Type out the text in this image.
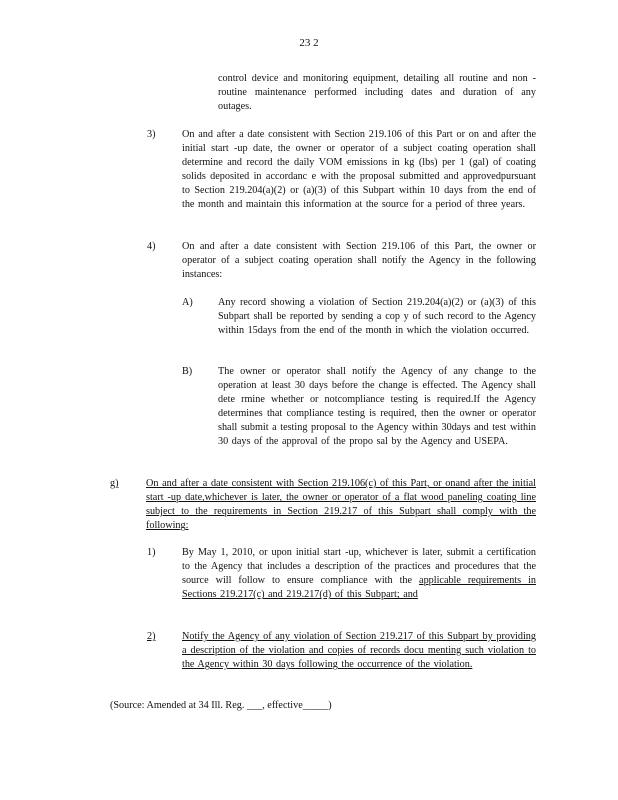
23 2
control device and monitoring equipment, detailing all routine and non -routine maintenance performed including dates and duration of any outages.
3)	On and after a date consistent with Section 219.106 of this Part or on and after the initial start -up date, the owner or operator of a subject coating operation shall determine and record the daily VOM emissions in kg (lbs) per 1 (gal) of coating solids deposited in accordanc e with the proposal submitted and approvedpursuant to Section 219.204(a)(2) or (a)(3) of this Subpart within 10 days from the end of the month and maintain this information at the source for a period of three years.
4)	On and after a date consistent with Section 219.106 of this Part, the owner or operator of a subject coating operation shall notify the Agency in the following instances:
A) Any record showing a violation of Section 219.204(a)(2) or (a)(3) of this Subpart shall be reported by sending a cop y of such record to the Agency within 15days from the end of the month in which the violation occurred.
B)	The owner or operator shall notify the Agency of any change to the operation at least 30 days before the change is effected. The Agency shall dete rmine whether or notcompliance testing is required.If the Agency determines that compliance testing is required, then the owner or operator shall submit a testing proposal to the Agency within 30days and test within 30 days of the approval of the propo sal by the Agency and USEPA.
g)	On and after a date consistent with Section 219.106(c) of this Part, or onand after the initial start -up date,whichever is later, the owner or operator of a flat wood paneling coating line subject to the requirements in Section 219.217 of this Subpart shall comply with the following:
1)	By May 1, 2010, or upon initial start -up, whichever is later, submit a certification to the Agency that includes a description of the practices and procedures that the source will follow to ensure compliance with the applicable requirements in Sections 219.217(c) and 219.217(d) of this Subpart; and
2)	Notify the Agency of any violation of Section 219.217 of this Subpart by providing a description of the violation and copies of records docu menting such violation to the Agency within 30 days following the occurrence of the violation.
(Source: Amended at 34 Ill. Reg. ___, effective_____)
